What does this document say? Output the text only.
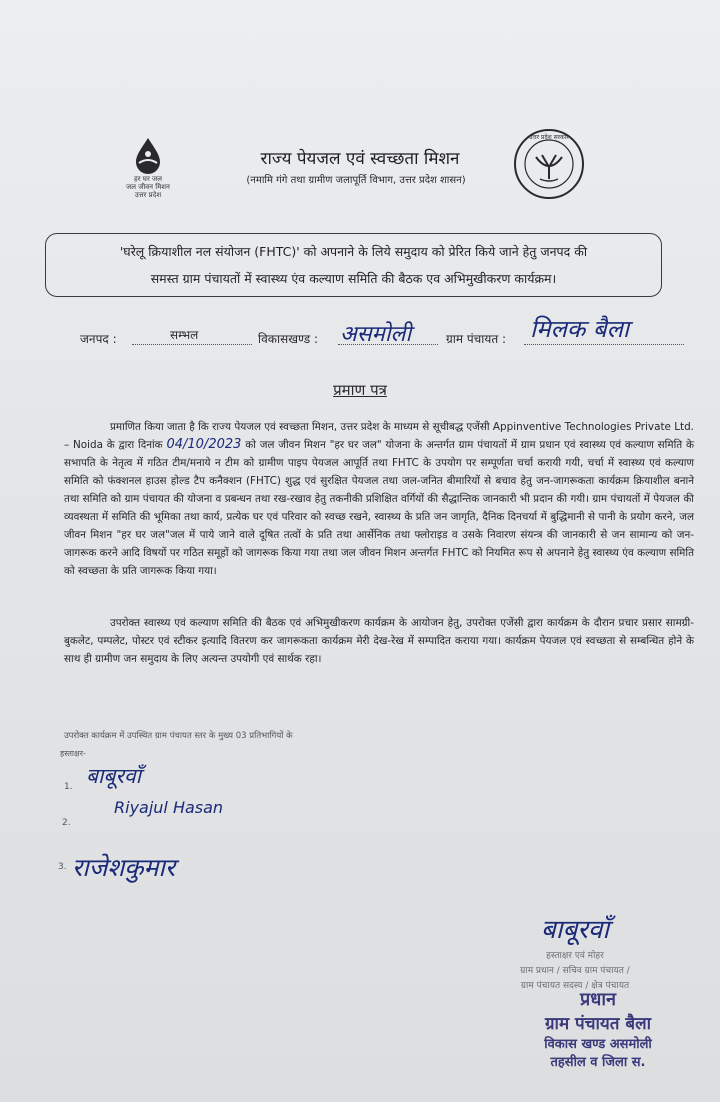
हर घर जल
जल जीवन मिशन
उत्तर प्रदेश
उत्तर प्रदेश सरकार
राज्य पेयजल एवं स्वच्छता मिशन
(नमामि गंगे तथा ग्रामीण जलापूर्ति विभाग, उत्तर प्रदेश शासन)
'घरेलू क्रियाशील नल संयोजन (FHTC)' को अपनाने के लिये समुदाय को प्रेरित किये जाने हेतु जनपद की
समस्त ग्राम पंचायतों में स्वास्थ्य एंव कल्याण समिति की बैठक एव अभिमुखीकरण कार्यक्रम।
जनपद :	सम्भल	विकासखण्ड : असमोली	ग्राम पंचायत : मिलक बैला
प्रमाण पत्र

प्रमाणित किया जाता है कि राज्य पेयजल एवं स्वच्छता मिशन, उत्तर प्रदेश के माध्यम से सूचीबद्ध एजेंसी Appinventive Technologies Private Ltd. – Noida के द्वारा दिनांक 04/10/2023 को जल जीवन मिशन "हर घर जल" योजना के अन्तर्गत ग्राम पंचायतों में ग्राम प्रधान एवं स्वास्थ्य एवं कल्याण समिति के सभापति के नेतृत्व में गठित टीम/मनाये न टीम को ग्रामीण पाइप पेयजल आपूर्ति तथा FHTC के उपयोग पर सम्पूर्णता चर्चा करायी गयी, चर्चा में स्वास्थ्य एवं कल्याण समिति को फंक्शनल हाउस होल्ड टैप कनैक्शन (FHTC) शुद्ध एवं सुरक्षित पेयजल तथा जल-जनित बीमारियों से बचाव हेतु जन-जागरूकता कार्यक्रम क्रियाशील बनाने तथा समिति को ग्राम पंचायत की योजना व प्रबन्धन तथा रख-रखाव हेतु तकनीकी प्रशिक्षित वर्गियों की सैद्धान्तिक जानकारी भी प्रदान की गयी। ग्राम पंचायतों में पेयजल की व्यवस्थता में समिति की भूमिका तथा कार्य, प्रत्येक घर एवं परिवार को स्वच्छ रखने, स्वास्थ्य के प्रति जन जागृति, दैनिक दिनचर्या में बुद्धिमानी से पानी के प्रयोग करने, जल जीवन मिशन "हर घर जल"जल में पाये जाने वाले दूषित तत्वों के प्रति तथा आर्सेनिक तथा फ्लोराइड व उसके निवारण संयन्त्र की जानकारी से जन सामान्य को जन-जागरूक करने आदि विषयों पर गठित समूहों को जागरूक किया गया तथा जल जीवन मिशन अन्तर्गत FHTC को नियमित रूप से अपनाने हेतु स्वास्थ्य एंव कल्याण समिति को स्वच्छता के प्रति जागरूक किया गया।

उपरोक्त स्वास्थ्य एवं कल्याण समिति की बैठक एवं अभिमुखीकरण कार्यक्रम के आयोजन हेतु, उपरोक्त एजेंसी द्वारा कार्यक्रम के दौरान प्रचार प्रसार सामग्री-बुकलेट, पम्पलेट, पोस्टर एवं स्टीकर इत्यादि वितरण कर जागरूकता कार्यक्रम मेरी देख-रेख में सम्पादित कराया गया। कार्यक्रम पेयजल एवं स्वच्छता से सम्बन्धित होने के साथ ही ग्रामीण जन समुदाय के लिए अत्यन्त उपयोगी एवं सार्थक रहा।

उपरोक्त कार्यक्रम में उपस्थित ग्राम पंचायत स्तर के मुख्य 03 प्रतिभागियों के
हस्ताक्षर-
1. बाबूरवाँ
2.
Riyajul Hasan
3. राजेशकुमार
बाबूरवाँ
हस्ताक्षर एवं मोहर
ग्राम प्रधान / सचिव ग्राम पंचायत /
ग्राम पंचायत सदस्य / क्षेत्र पंचायत
प्रधान
ग्राम पंचायत बैला
विकास खण्ड असमोली
तहसील व जिला स.
